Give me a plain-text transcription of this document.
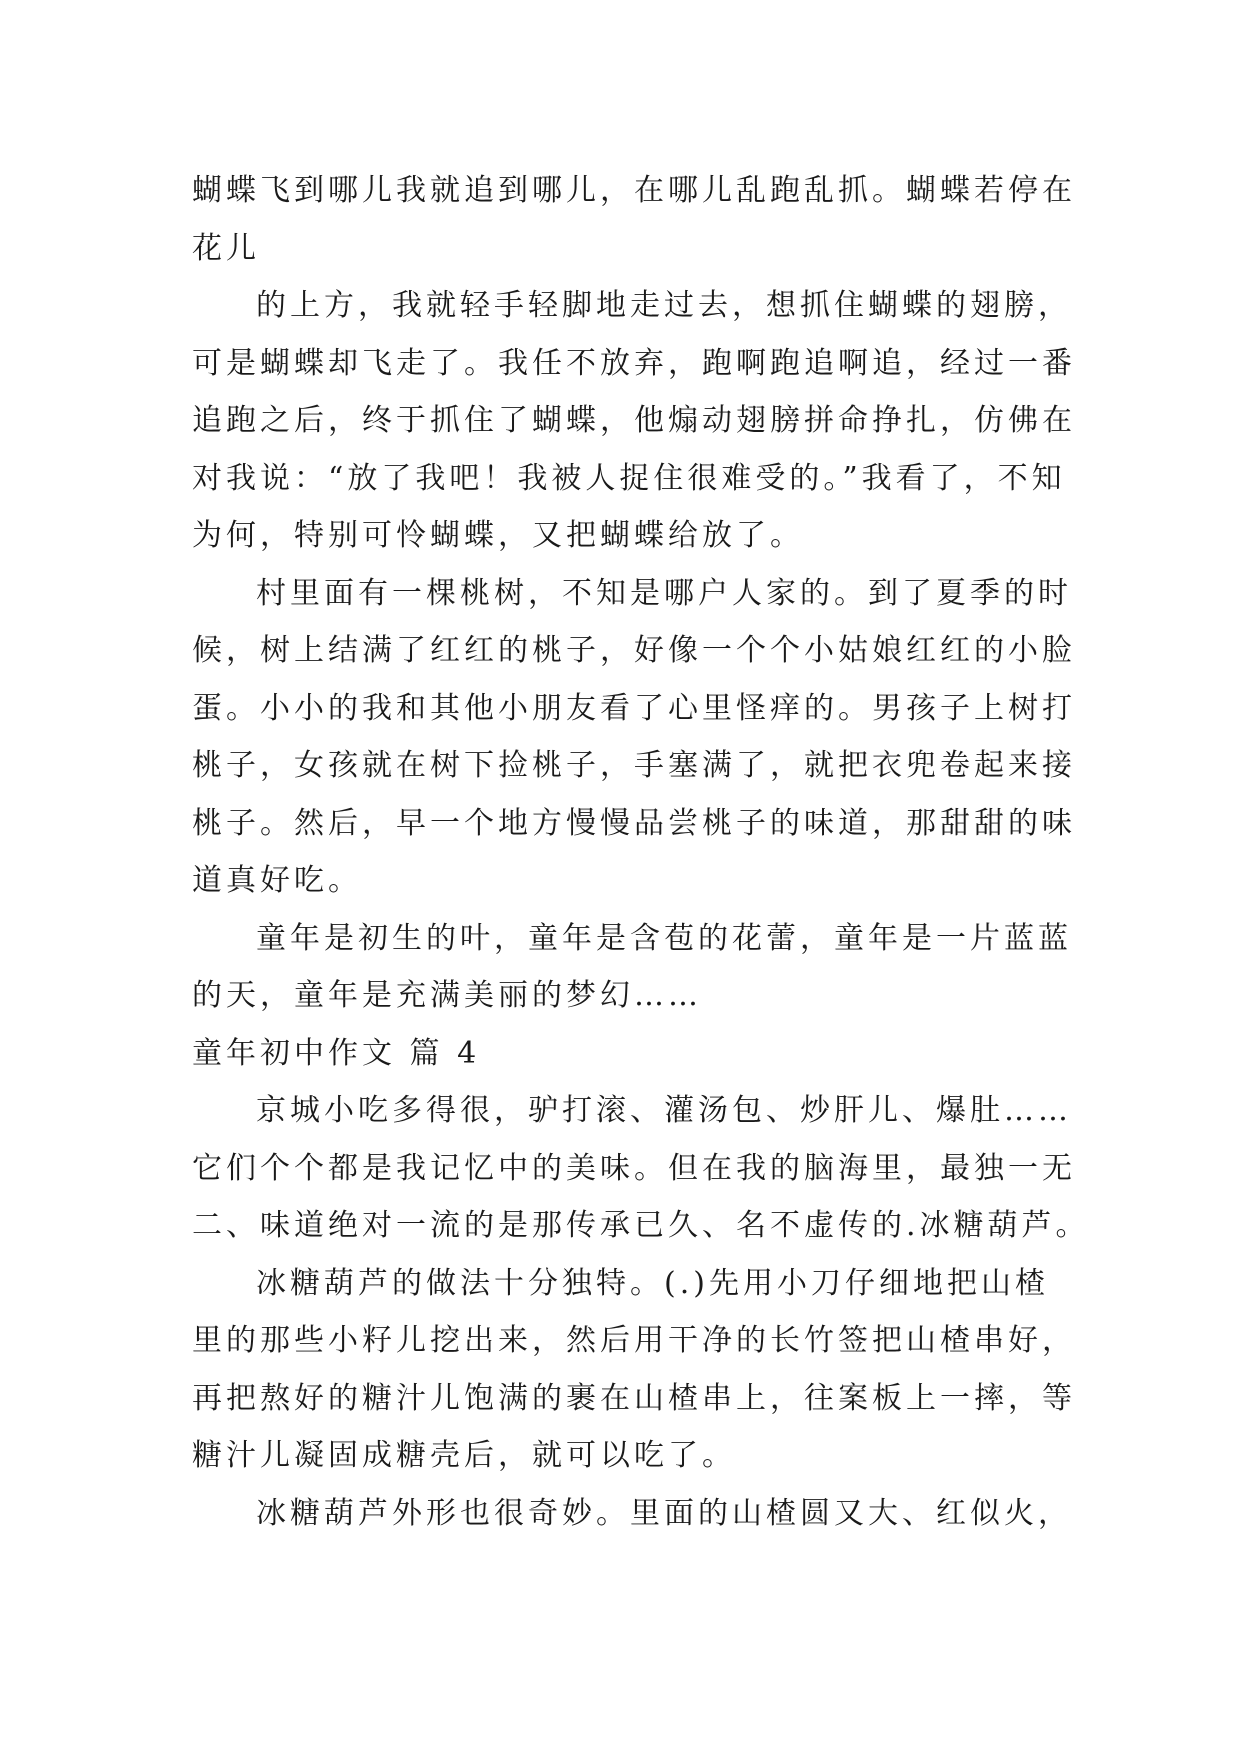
蝴蝶飞到哪儿我就追到哪儿，在哪儿乱跑乱抓。蝴蝶若停在

花儿

的上方，我就轻手轻脚地走过去，想抓住蝴蝶的翅膀，

可是蝴蝶却飞走了。我任不放弃，跑啊跑追啊追，经过一番

追跑之后，终于抓住了蝴蝶，他煽动翅膀拼命挣扎，仿佛在

对我说：“放了我吧！我被人捉住很难受的。”我看了，不知

为何，特别可怜蝴蝶，又把蝴蝶给放了。

村里面有一棵桃树，不知是哪户人家的。到了夏季的时

候，树上结满了红红的桃子，好像一个个小姑娘红红的小脸

蛋。小小的我和其他小朋友看了心里怪痒的。男孩子上树打

桃子，女孩就在树下捡桃子，手塞满了，就把衣兜卷起来接

桃子。然后，早一个地方慢慢品尝桃子的味道，那甜甜的味

道真好吃。

童年是初生的叶，童年是含苞的花蕾，童年是一片蓝蓝

的天，童年是充满美丽的梦幻……

童年初中作文 篇 4

京城小吃多得很，驴打滚、灌汤包、炒肝儿、爆肚……

它们个个都是我记忆中的美味。但在我的脑海里，最独一无

二、味道绝对一流的是那传承已久、名不虚传的.冰糖葫芦。

冰糖葫芦的做法十分独特。(.)先用小刀仔细地把山楂

里的那些小籽儿挖出来，然后用干净的长竹签把山楂串好，

再把熬好的糖汁儿饱满的裹在山楂串上，往案板上一摔，等

糖汁儿凝固成糖壳后，就可以吃了。

冰糖葫芦外形也很奇妙。里面的山楂圆又大、红似火，
